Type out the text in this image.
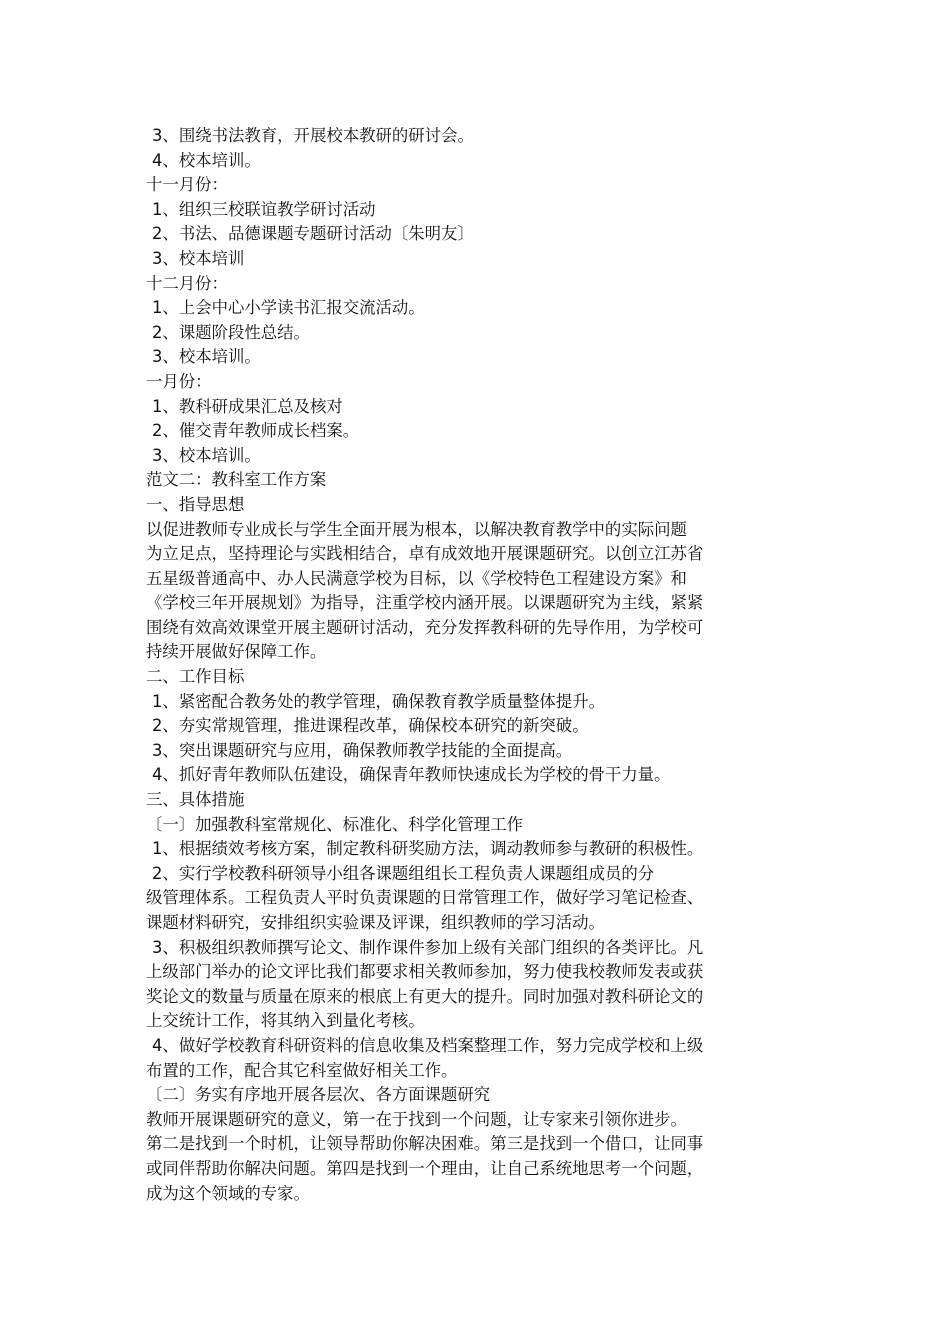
3、围绕书法教育，开展校本教研的研讨会。

4、校本培训。

十一月份：

1、组织三校联谊教学研讨活动

2、书法、品德课题专题研讨活动〔朱明友〕

3、校本培训

十二月份：

1、上会中心小学读书汇报交流活动。

2、课题阶段性总结。

3、校本培训。

一月份：

1、教科研成果汇总及核对

2、催交青年教师成长档案。

3、校本培训。

范文二：教科室工作方案

一、指导思想

以促进教师专业成长与学生全面开展为根本，以解决教育教学中的实际问题

为立足点，坚持理论与实践相结合，卓有成效地开展课题研究。以创立江苏省

五星级普通高中、办人民满意学校为目标，以《学校特色工程建设方案》和

《学校三年开展规划》为指导，注重学校内涵开展。以课题研究为主线，紧紧

围绕有效高效课堂开展主题研讨活动，充分发挥教科研的先导作用，为学校可

持续开展做好保障工作。

二、工作目标

1、紧密配合教务处的教学管理，确保教育教学质量整体提升。

2、夯实常规管理，推进课程改革，确保校本研究的新突破。

3、突出课题研究与应用，确保教师教学技能的全面提高。

4、抓好青年教师队伍建设，确保青年教师快速成长为学校的骨干力量。

三、具体措施

〔一〕加强教科室常规化、标准化、科学化管理工作

1、根据绩效考核方案，制定教科研奖励方法，调动教师参与教研的积极性。

2、实行学校教科研领导小组各课题组组长工程负责人课题组成员的分

级管理体系。工程负责人平时负责课题的日常管理工作，做好学习笔记检查、

课题材料研究，安排组织实验课及评课，组织教师的学习活动。

3、积极组织教师撰写论文、制作课件参加上级有关部门组织的各类评比。凡

上级部门举办的论文评比我们都要求相关教师参加，努力使我校教师发表或获

奖论文的数量与质量在原来的根底上有更大的提升。同时加强对教科研论文的

上交统计工作，将其纳入到量化考核。

4、做好学校教育科研资料的信息收集及档案整理工作，努力完成学校和上级

布置的工作，配合其它科室做好相关工作。

〔二〕务实有序地开展各层次、各方面课题研究

教师开展课题研究的意义，第一在于找到一个问题，让专家来引领你进步。

第二是找到一个时机，让领导帮助你解决困难。第三是找到一个借口，让同事

或同伴帮助你解决问题。第四是找到一个理由，让自己系统地思考一个问题，

成为这个领域的专家。
